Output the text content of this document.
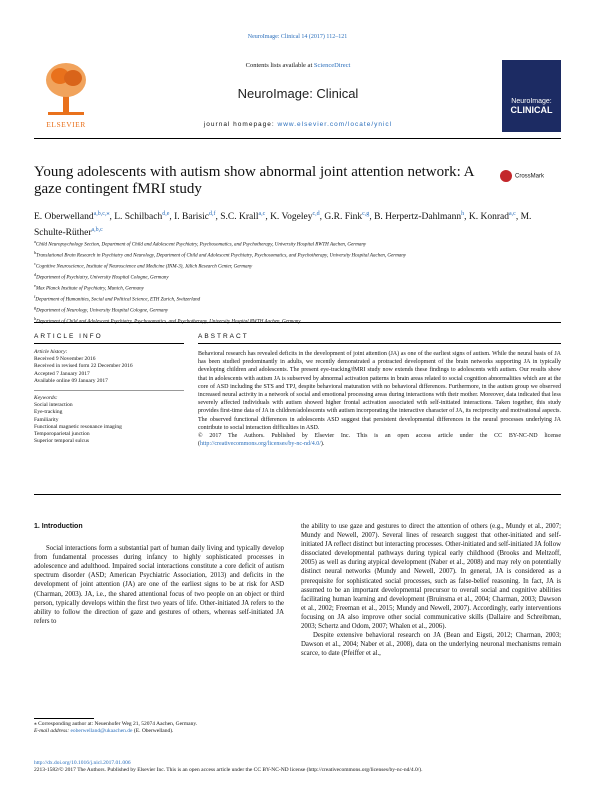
NeuroImage: Clinical 14 (2017) 112–121
ELSEVIER
Contents lists available at ScienceDirect
NeuroImage: Clinical
journal homepage: www.elsevier.com/locate/ynicl
NeuroImage:
CLINICAL
Young adolescents with autism show abnormal joint attention network: A gaze contingent fMRI study
CrossMark
E. Oberwelland$^{a,b,c,⁎}$, L. Schilbach$^{d,e}$, I. Barisic$^{d,f}$, S.C. Krall$^{a,c}$, K. Vogeley$^{c,d}$, G.R. Fink$^{c,g}$, B. Herpertz-Dahlmann$^h$, K. Konrad$^{a,c}$, M. Schulte-Rüther$^{a,b,c}$
$^a$Child Neuropsychology Section, Department of Child and Adolescent Psychiatry, Psychosomatics, and Psychotherapy, University Hospital RWTH Aachen, Germany
$^b$Translational Brain Research in Psychiatry and Neurology, Department of Child and Adolescent Psychiatry, Psychosomatics, and Psychotherapy, University Hospital Aachen, Germany
$^c$Cognitive Neuroscience, Institute of Neuroscience and Medicine (INM-3), Jülich Research Center, Germany
$^d$Department of Psychiatry, University Hospital Cologne, Germany
$^e$Max Planck Institute of Psychiatry, Munich, Germany
$^f$Department of Humanities, Social and Political Science, ETH Zurich, Switzerland
$^g$Department of Neurology, University Hospital Cologne, Germany
$^h$
ARTICLE INFO
Article history:
Received 9 November 2016
Received in revised form 22 December 2016
Accepted 7 January 2017
Available online 09 January 2017
Keywords:
Social interaction
Eye-tracking
Familiarity
Functional magnetic resonance imaging
Temporoparietal junction
Superior temporal sulcus
ABSTRACT
Behavioral research has revealed deficits in the development of joint attention (JA) as one of the earliest signs of autism. While the neural basis of JA has been studied predominantly in adults, we recently demonstrated a protracted development of the brain networks supporting JA in typically developing children and adolescents. The present eye-tracking/fMRI study now extends these findings to adolescents with autism. Our results show that in adolescents with autism JA is subserved by abnormal activation patterns in brain areas related to social cognition abnormalities which are at the core of ASD including the STS and TPJ, despite behavioral maturation with no behavioral differences. Furthermore, in the autism group we observed increased neural activity in a network of social and emotional processing areas during interactions with their mother. Moreover, data indicated that less severely affected individuals with autism showed higher frontal activation associated with self-initiated interactions. Taken together, this study provides first-time data of JA in children/adolescents with autism incorporating the interactive character of JA, its reciprocity and motivational aspects. The observed functional differences in adolescents ASD suggest that persistent developmental differences in the neural processes underlying JA contribute to social interaction difficulties in ASD.
© 2017 The Authors. Published by Elsevier Inc. This is an open access article under the CC BY-NC-ND license (http://creativecommons.org/licenses/by-nc-nd/4.0/).
1. Introduction

Social interactions form a substantial part of human daily living and typically develop from fundamental processes during infancy to highly sophisticated processes in adolescence and adulthood. Impaired social interactions constitute a core deficit of autism spectrum disorder (ASD; American Psychiatric Association, 2013) and deficits in the development of joint attention (JA) are one of the earliest signs to be at risk for ASD (Charman, 2003). JA, i.e., the shared attentional focus of two people on an object or third person, typically develops within the first two years of life. Other-initiated JA refers to the ability to follow the direction of gaze and gestures of others, whereas self-initiated JA refers to

the ability to use gaze and gestures to direct the attention of others (e.g., Mundy et al., 2007; Mundy and Newell, 2007). Several lines of research suggest that other-initiated and self-initiated JA reflect distinct but interacting processes. Other-initiated and self-initiated JA follow dissociated developmental pathways during typical early childhood (Brooks and Meltzoff, 2005) as well as during atypical development (Naber et al., 2008) and may rely on potentially distinct neural networks (Mundy and Newell, 2007). In general, JA is considered as a prerequisite for sophisticated social processes, such as false-belief reasoning. In fact, JA is assumed to be an important developmental precursor to overall social and cognitive abilities facilitating human learning and development (Bruinsma et al., 2004; Charman, 2003; Dawson et al., 2002; Freeman et al., 2015; Mundy and Newell, 2007). Accordingly, early interventions focusing on JA also improve other social communicative skills (Dallaire and Schreibman, 2003; Schertz and Odom, 2007; Whalen et al., 2006).

Despite extensive behavioral research on JA (Bean and Eigsti, 2012; Charman, 2003; Dawson et al., 2004; Naber et al., 2008), data on the underlying neuronal mechanisms remain scarce, to date (Pfeiffer et al.,

⁎ Corresponding author at: Neuenhofer Weg 21, 52074 Aachen, Germany.
E-mail address: eoberwelland@ukaachen.de (E. Oberwelland).
http://dx.doi.org/10.1016/j.nicl.2017.01.006
2213-1582/© 2017 The Authors. Published by Elsevier Inc. This is an open access article under the CC BY-NC-ND license (http://creativecommons.org/licenses/by-nc-nd/4.0/).
